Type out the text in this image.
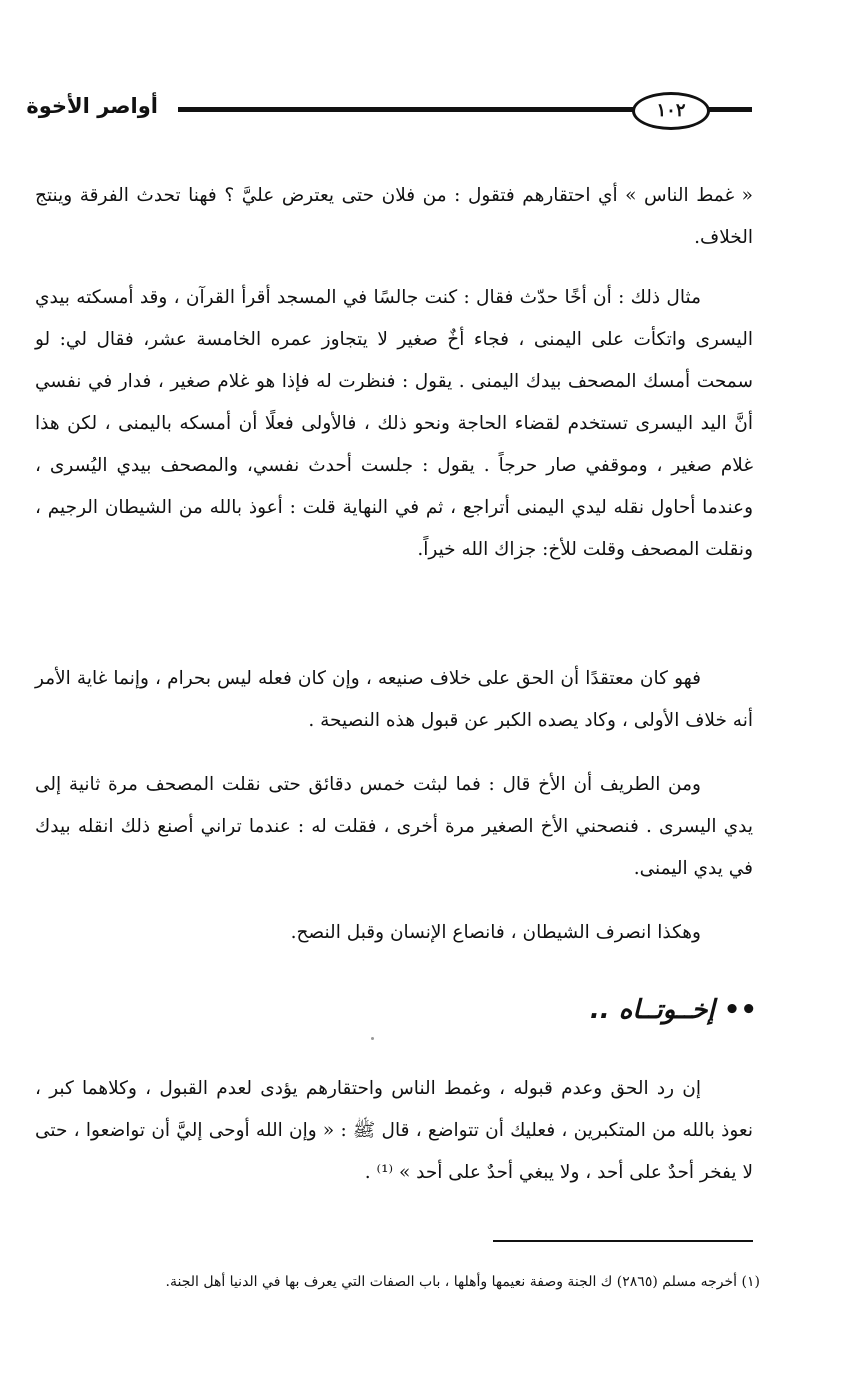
أواصر الأخوة	١٠٢

« غمط الناس » أي احتقارهم فتقول : من فلان حتى يعترض عليَّ ؟ فهنا تحدث الفرقة وينتج الخلاف.

مثال ذلك : أن أخًا حدّث فقال : كنت جالسًا في المسجد أقرأ القرآن ، وقد أمسكته بيدي اليسرى واتكأت على اليمنى ، فجاء أخٌ صغير لا يتجاوز عمره الخامسة عشر، فقال لي: لو سمحت أمسك المصحف بيدك اليمنى . يقول : فنظرت له فإذا هو غلام صغير ، فدار في نفسي أنَّ اليد اليسرى تستخدم لقضاء الحاجة ونحو ذلك ، فالأولى فعلًا أن أمسكه باليمنى ، لكن هذا غلام صغير ، وموقفي صار حرجاً . يقول : جلست أحدث نفسي، والمصحف بيدي اليُسرى ، وعندما أحاول نقله ليدي اليمنى أتراجع ، ثم في النهاية قلت : أعوذ بالله من الشيطان الرجيم ، ونقلت المصحف وقلت للأخ: جزاك الله خيراً.

فهو كان معتقدًا أن الحق على خلاف صنيعه ، وإن كان فعله ليس بحرام ، وإنما غاية الأمر أنه خلاف الأولى ، وكاد يصده الكبر عن قبول هذه النصيحة .

ومن الطريف أن الأخ قال : فما لبثت خمس دقائق حتى نقلت المصحف مرة ثانية إلى يدي اليسرى . فنصحني الأخ الصغير مرة أخرى ، فقلت له : عندما تراني أصنع ذلك انقله بيدك في يدي اليمنى.

وهكذا انصرف الشيطان ، فانصاع الإنسان وقبل النصح.

•• إخــوتــاه ..

إن رد الحق وعدم قبوله ، وغمط الناس واحتقارهم يؤدى لعدم القبول ، وكلاهما كبر ، نعوذ بالله من المتكبرين ، فعليك أن تتواضع ، قال ﷺ : « وإن الله أوحى إليَّ أن تواضعوا ، حتى لا يفخر أحدٌ على أحد ، ولا يبغي أحدٌ على أحد » ⁽¹⁾ .

(١) أخرجه مسلم (٢٨٦٥) ك الجنة وصفة نعيمها وأهلها ، باب الصفات التي يعرف بها في الدنيا أهل الجنة.
